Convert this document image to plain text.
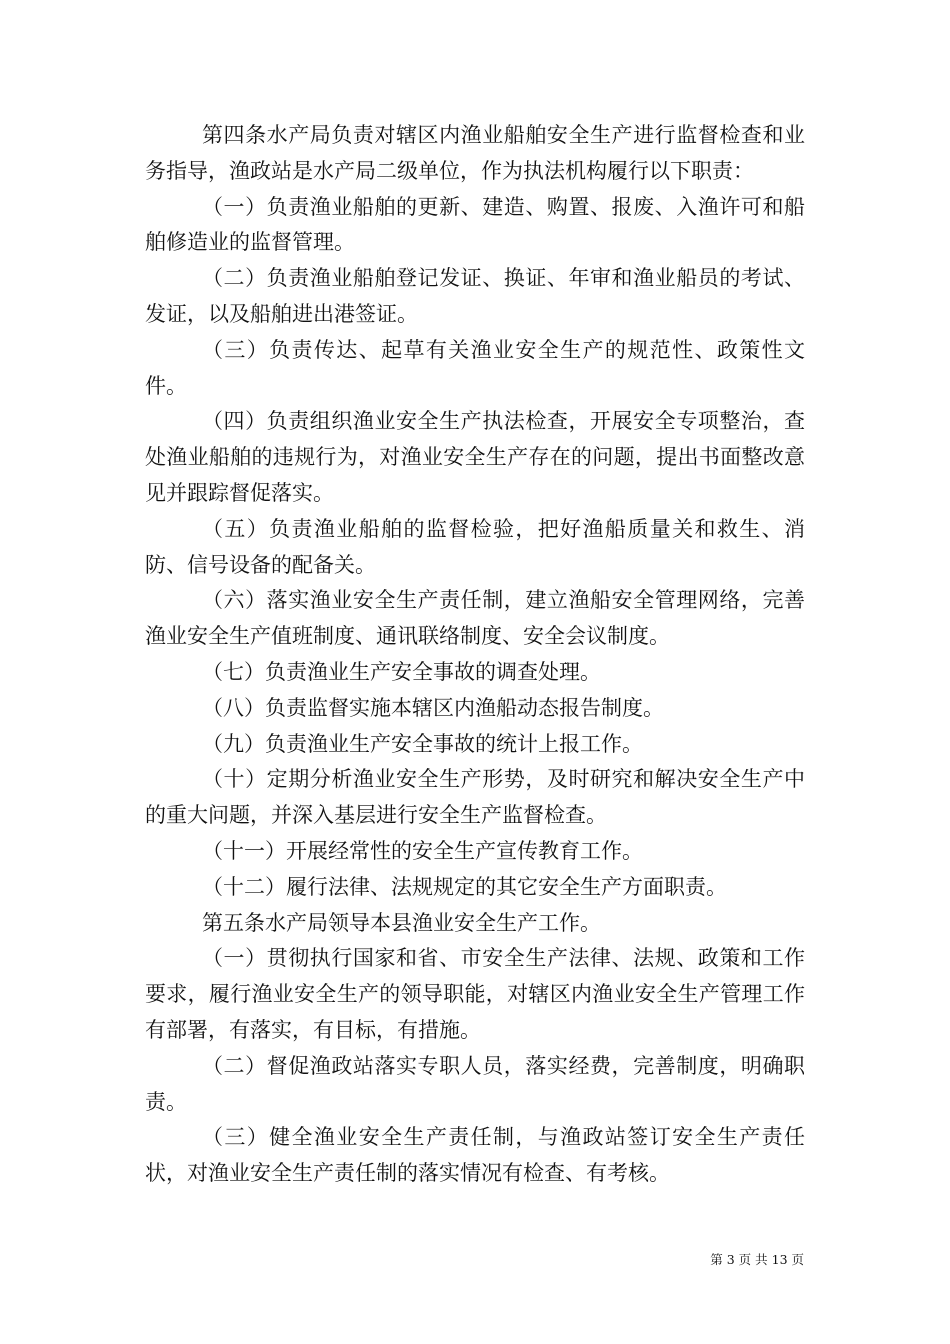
第四条水产局负责对辖区内渔业船舶安全生产进行监督检查和业务指导，渔政站是水产局二级单位，作为执法机构履行以下职责：

（一）负责渔业船舶的更新、建造、购置、报废、入渔许可和船舶修造业的监督管理。

（二）负责渔业船舶登记发证、换证、年审和渔业船员的考试、发证，以及船舶进出港签证。

（三）负责传达、起草有关渔业安全生产的规范性、政策性文件。

（四）负责组织渔业安全生产执法检查，开展安全专项整治，查处渔业船舶的违规行为，对渔业安全生产存在的问题，提出书面整改意见并跟踪督促落实。

（五）负责渔业船舶的监督检验，把好渔船质量关和救生、消防、信号设备的配备关。

（六）落实渔业安全生产责任制，建立渔船安全管理网络，完善渔业安全生产值班制度、通讯联络制度、安全会议制度。

（七）负责渔业生产安全事故的调查处理。

（八）负责监督实施本辖区内渔船动态报告制度。

（九）负责渔业生产安全事故的统计上报工作。

（十）定期分析渔业安全生产形势，及时研究和解决安全生产中的重大问题，并深入基层进行安全生产监督检查。

（十一）开展经常性的安全生产宣传教育工作。

（十二）履行法律、法规规定的其它安全生产方面职责。

第五条水产局领导本县渔业安全生产工作。

（一）贯彻执行国家和省、市安全生产法律、法规、政策和工作要求，履行渔业安全生产的领导职能，对辖区内渔业安全生产管理工作有部署，有落实，有目标，有措施。

（二）督促渔政站落实专职人员，落实经费，完善制度，明确职责。

（三）健全渔业安全生产责任制，与渔政站签订安全生产责任状，对渔业安全生产责任制的落实情况有检查、有考核。

第 3 页 共 13 页
